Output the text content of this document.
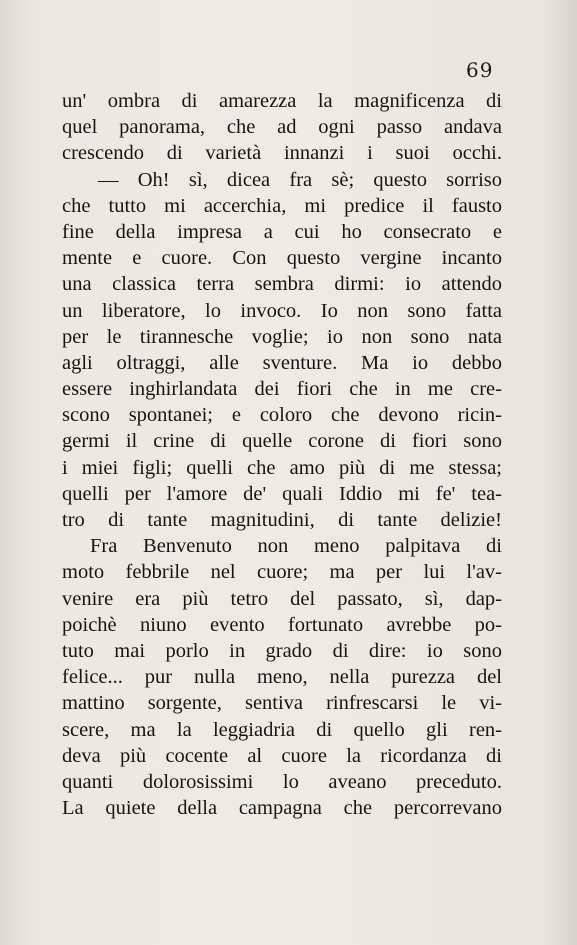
69
un' ombra di amarezza la magnificenza di
quel panorama, che ad ogni passo andava
crescendo di varietà innanzi i suoi occhi.
— Oh! sì, dicea fra sè; questo sorriso
che tutto mi accerchia, mi predice il fausto
fine della impresa a cui ho consecrato e
mente e cuore. Con questo vergine incanto
una classica terra sembra dirmi: io attendo
un liberatore, lo invoco. Io non sono fatta
per le tirannesche voglie; io non sono nata
agli oltraggi, alle sventure. Ma io debbo
essere inghirlandata dei fiori che in me cre-
scono spontanei; e coloro che devono ricin-
germi il crine di quelle corone di fiori sono
i miei figli; quelli che amo più di me stessa;
quelli per l'amore de' quali Iddio mi fe' tea-
tro di tante magnitudini, di tante delizie!
Fra Benvenuto non meno palpitava di
moto febbrile nel cuore; ma per lui l'av-
venire era più tetro del passato, sì, dap-
poichè niuno evento fortunato avrebbe po-
tuto mai porlo in grado di dire: io sono
felice... pur nulla meno, nella purezza del
mattino sorgente, sentiva rinfrescarsi le vi-
scere, ma la leggiadria di quello gli ren-
deva più cocente al cuore la ricordanza di
quanti dolorosissimi lo aveano preceduto.
La quiete della campagna che percorrevano
